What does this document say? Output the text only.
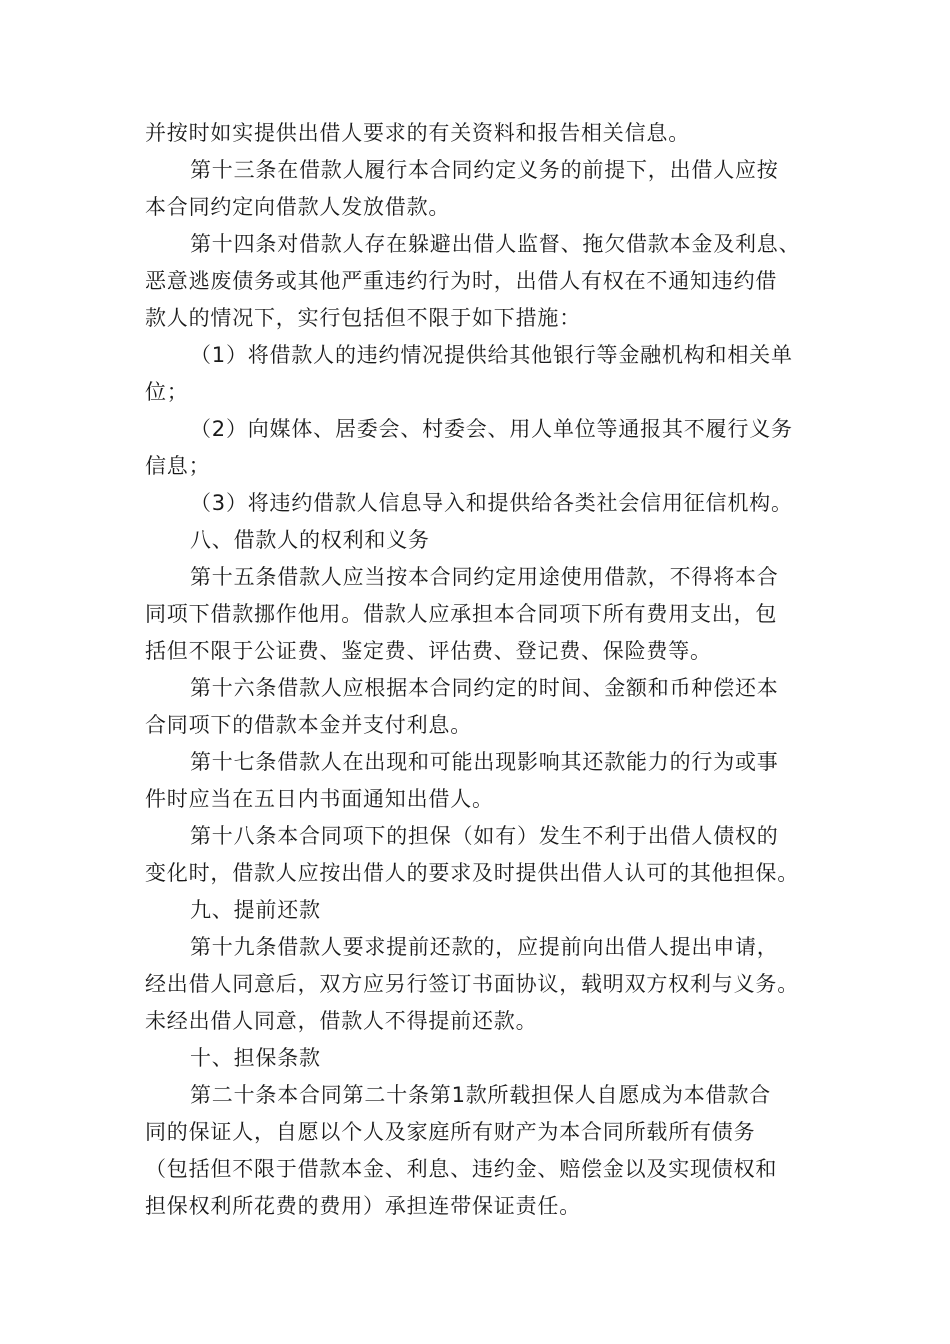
并按时如实提供出借人要求的有关资料和报告相关信息。
第十三条在借款人履行本合同约定义务的前提下，出借人应按
本合同约定向借款人发放借款。
第十四条对借款人存在躲避出借人监督、拖欠借款本金及利息、
恶意逃废债务或其他严重违约行为时，出借人有权在不通知违约借
款人的情况下，实行包括但不限于如下措施：
（1）将借款人的违约情况提供给其他银行等金融机构和相关单
位；
（2）向媒体、居委会、村委会、用人单位等通报其不履行义务
信息；
（3）将违约借款人信息导入和提供给各类社会信用征信机构。
八、借款人的权利和义务
第十五条借款人应当按本合同约定用途使用借款，不得将本合
同项下借款挪作他用。借款人应承担本合同项下所有费用支出，包
括但不限于公证费、鉴定费、评估费、登记费、保险费等。
第十六条借款人应根据本合同约定的时间、金额和币种偿还本
合同项下的借款本金并支付利息。
第十七条借款人在出现和可能出现影响其还款能力的行为或事
件时应当在五日内书面通知出借人。
第十八条本合同项下的担保（如有）发生不利于出借人债权的
变化时，借款人应按出借人的要求及时提供出借人认可的其他担保。
九、提前还款
第十九条借款人要求提前还款的，应提前向出借人提出申请，
经出借人同意后，双方应另行签订书面协议，载明双方权利与义务。
未经出借人同意，借款人不得提前还款。
十、担保条款
第二十条本合同第二十条第1款所载担保人自愿成为本借款合
同的保证人，自愿以个人及家庭所有财产为本合同所载所有债务
（包括但不限于借款本金、利息、违约金、赔偿金以及实现债权和
担保权利所花费的费用）承担连带保证责任。
